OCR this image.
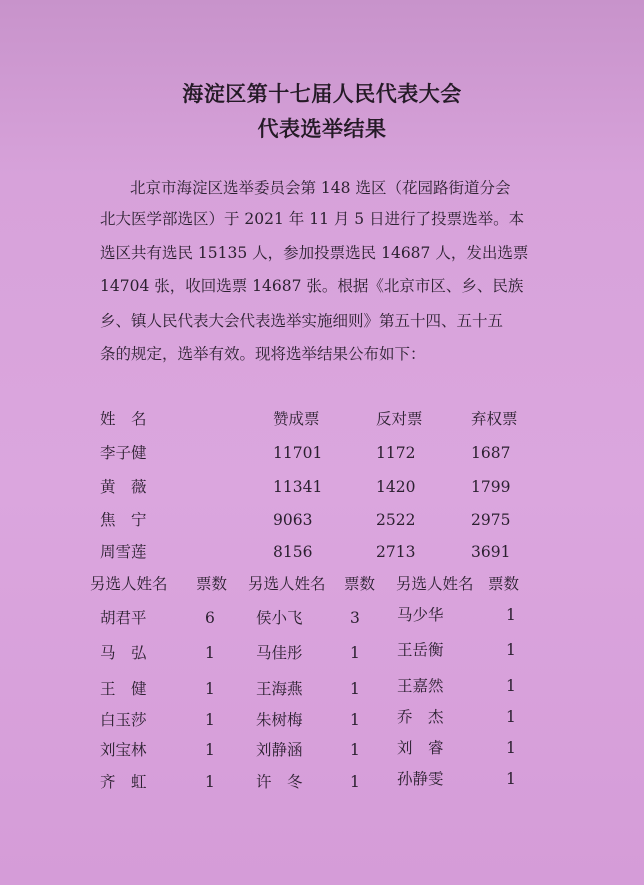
海淀区第十七届人民代表大会
代表选举结果
北京市海淀区选举委员会第 148 选区（花园路街道分会
北大医学部选区）于 2021 年 11 月 5 日进行了投票选举。本
选区共有选民 15135 人，参加投票选民 14687 人，发出选票
14704 张，收回选票 14687 张。根据《北京市区、乡、民族
乡、镇人民代表大会代表选举实施细则》第五十四、五十五
条的规定，选举有效。现将选举结果公布如下：
姓　名	赞成票	反对票	弃权票
李子健	11701	1172	1687
黄　薇	11341	1420	1799
焦　宁	9063	2522	2975
周雪莲	8156	2713	3691
另选人姓名 票数 另选人姓名 票数 另选人姓名 票数
胡君平	6	侯小飞	3 马少华	1
马　弘	1	马佳彤	1 王岳衡	1
王　健	1	王海燕	1 王嘉然	1
白玉莎	1	朱树梅	1 乔　杰	1
刘宝林	1	刘静涵	1 刘　睿	1
齐　虹	1	许　冬	1 孙静雯	1
